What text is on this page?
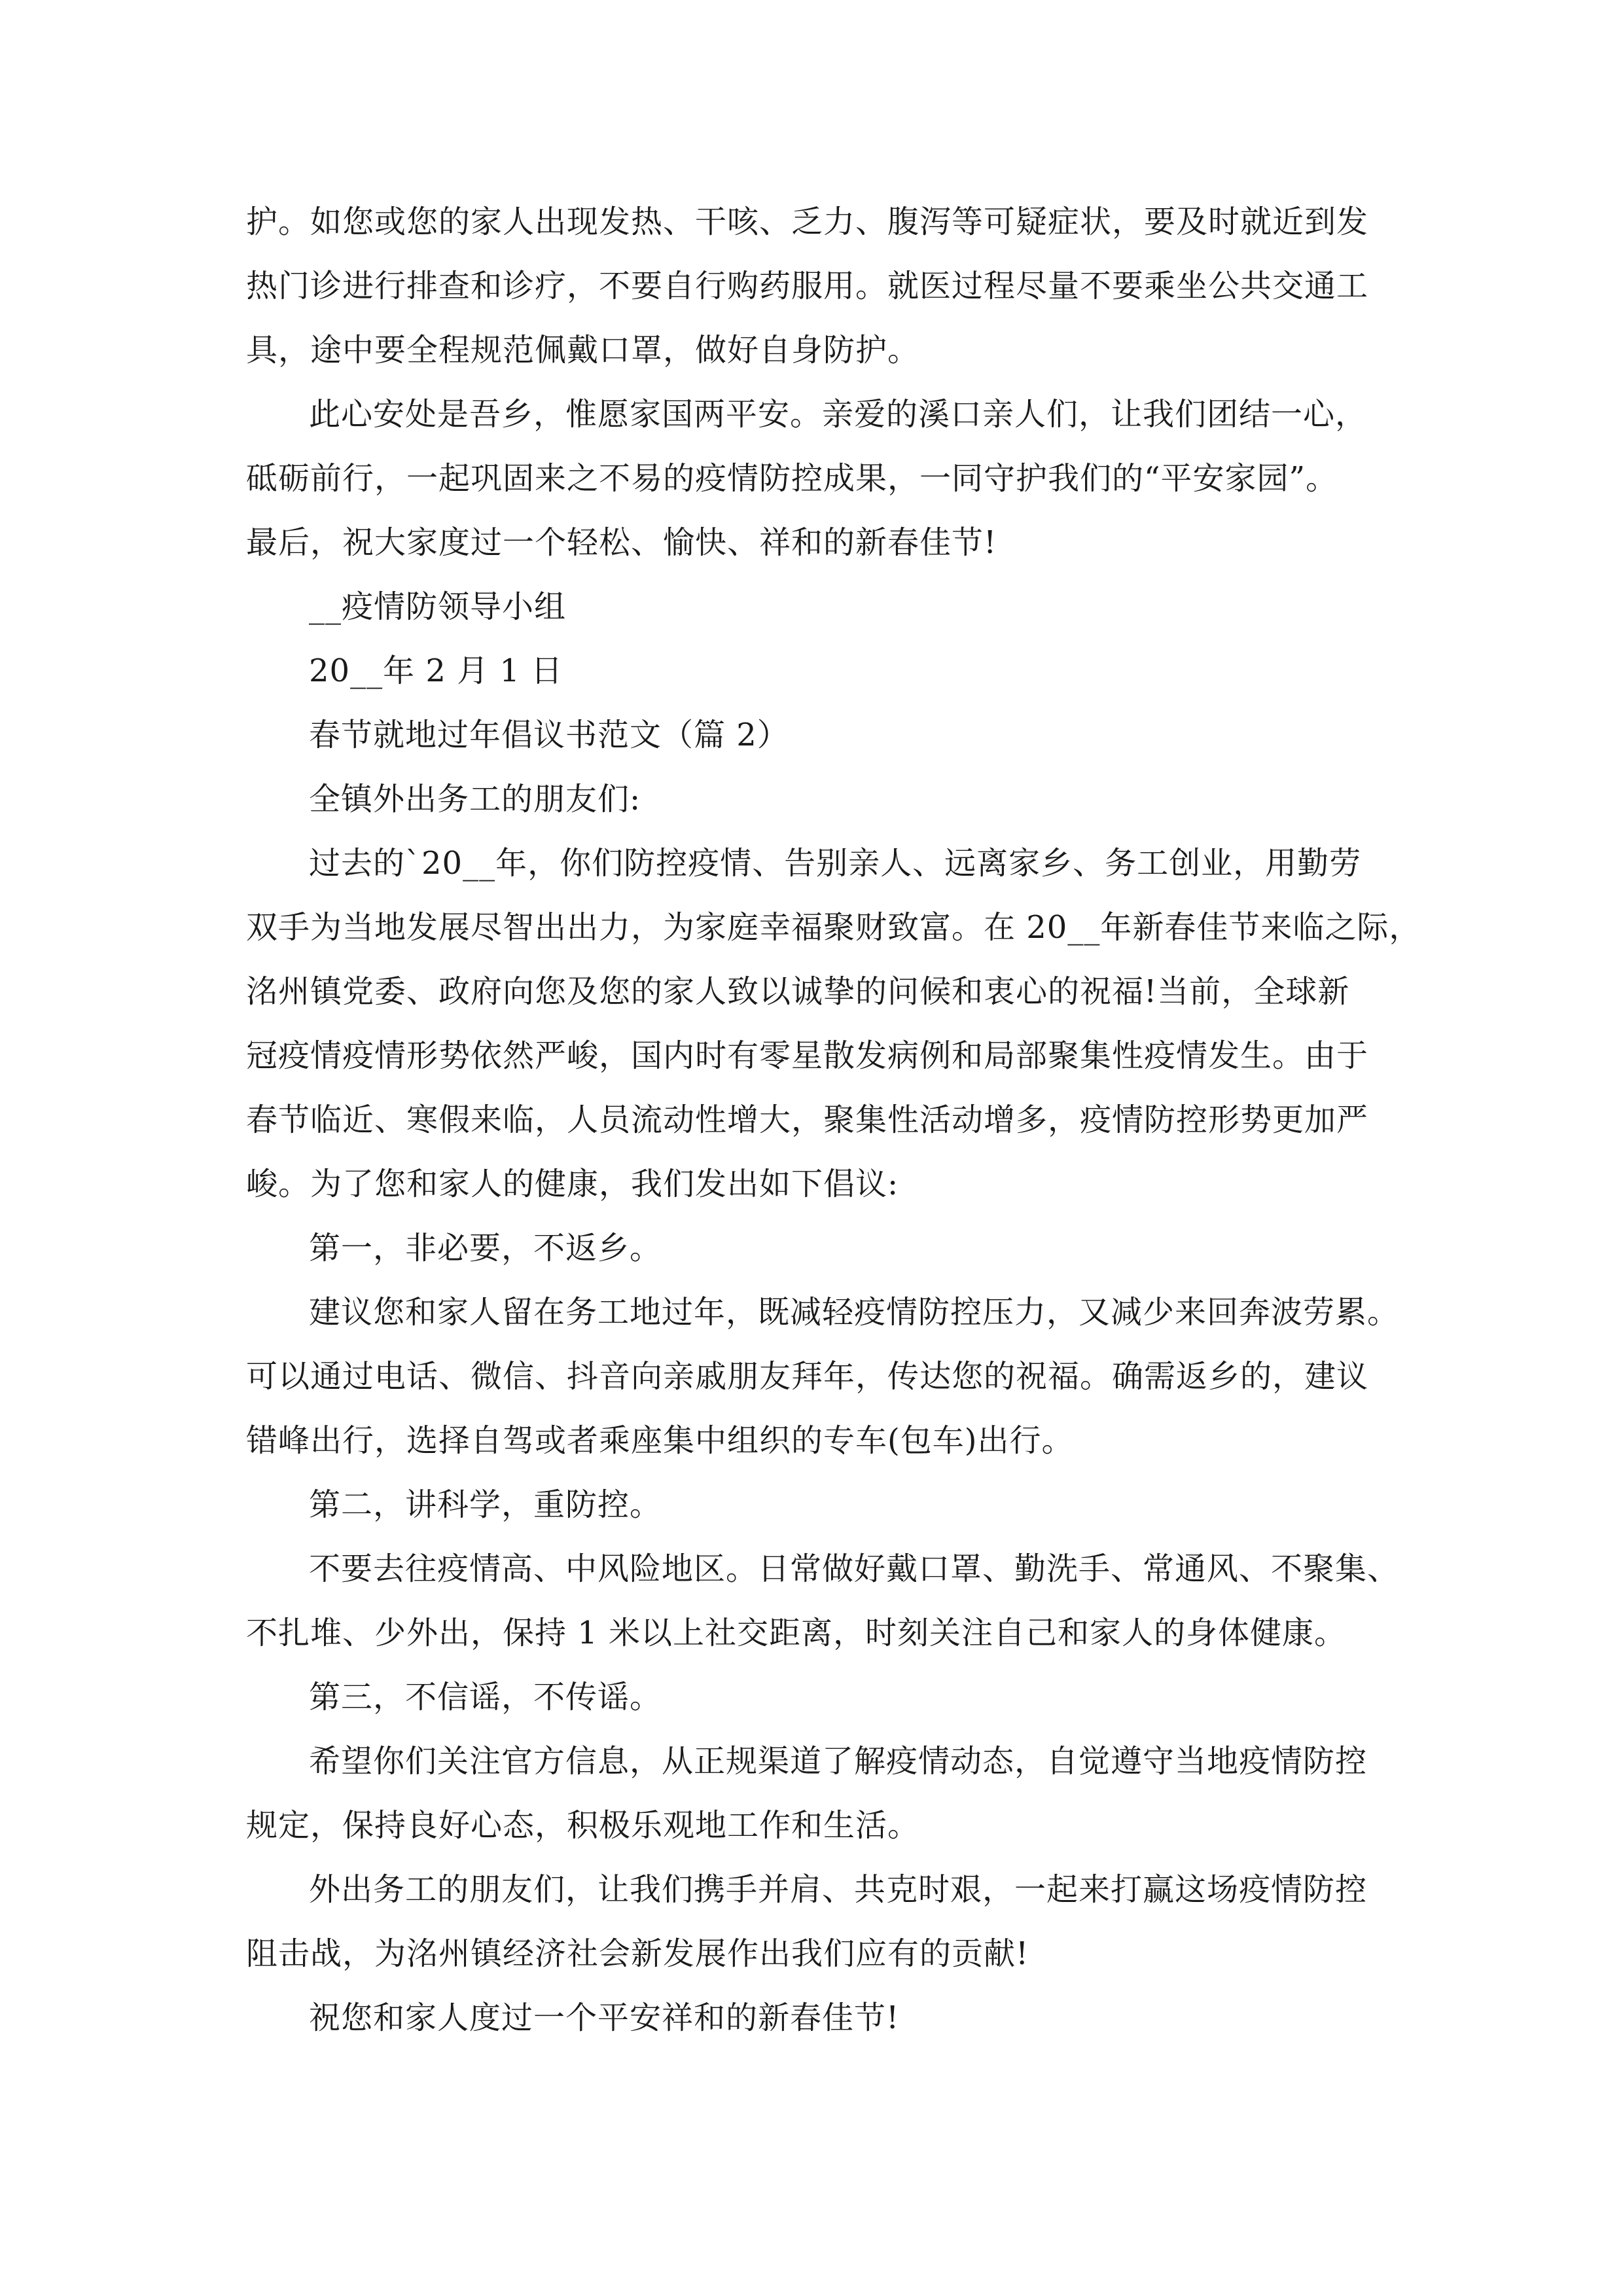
护。如您或您的家人出现发热、干咳、乏力、腹泻等可疑症状，要及时就近到发
热门诊进行排查和诊疗，不要自行购药服用。就医过程尽量不要乘坐公共交通工
具，途中要全程规范佩戴口罩，做好自身防护。
此心安处是吾乡，惟愿家国两平安。亲爱的溪口亲人们，让我们团结一心，
砥砺前行，一起巩固来之不易的疫情防控成果，一同守护我们的“平安家园”。
最后，祝大家度过一个轻松、愉快、祥和的新春佳节!
__疫情防领导小组
20__年 2 月 1 日
春节就地过年倡议书范文（篇 2）
全镇外出务工的朋友们:
过去的`20__年，你们防控疫情、告别亲人、远离家乡、务工创业，用勤劳
双手为当地发展尽智出出力，为家庭幸福聚财致富。在 20__年新春佳节来临之际，
洺州镇党委、政府向您及您的家人致以诚挚的问候和衷心的祝福!当前，全球新
冠疫情疫情形势依然严峻，国内时有零星散发病例和局部聚集性疫情发生。由于
春节临近、寒假来临，人员流动性增大，聚集性活动增多，疫情防控形势更加严
峻。为了您和家人的健康，我们发出如下倡议:
第一，非必要，不返乡。
建议您和家人留在务工地过年，既减轻疫情防控压力，又减少来回奔波劳累。
可以通过电话、微信、抖音向亲戚朋友拜年，传达您的祝福。确需返乡的，建议
错峰出行，选择自驾或者乘座集中组织的专车(包车)出行。
第二，讲科学，重防控。
不要去往疫情高、中风险地区。日常做好戴口罩、勤洗手、常通风、不聚集、
不扎堆、少外出，保持 1 米以上社交距离，时刻关注自己和家人的身体健康。
第三，不信谣，不传谣。
希望你们关注官方信息，从正规渠道了解疫情动态，自觉遵守当地疫情防控
规定，保持良好心态，积极乐观地工作和生活。
外出务工的朋友们，让我们携手并肩、共克时艰，一起来打赢这场疫情防控
阻击战，为洺州镇经济社会新发展作出我们应有的贡献!
祝您和家人度过一个平安祥和的新春佳节!
